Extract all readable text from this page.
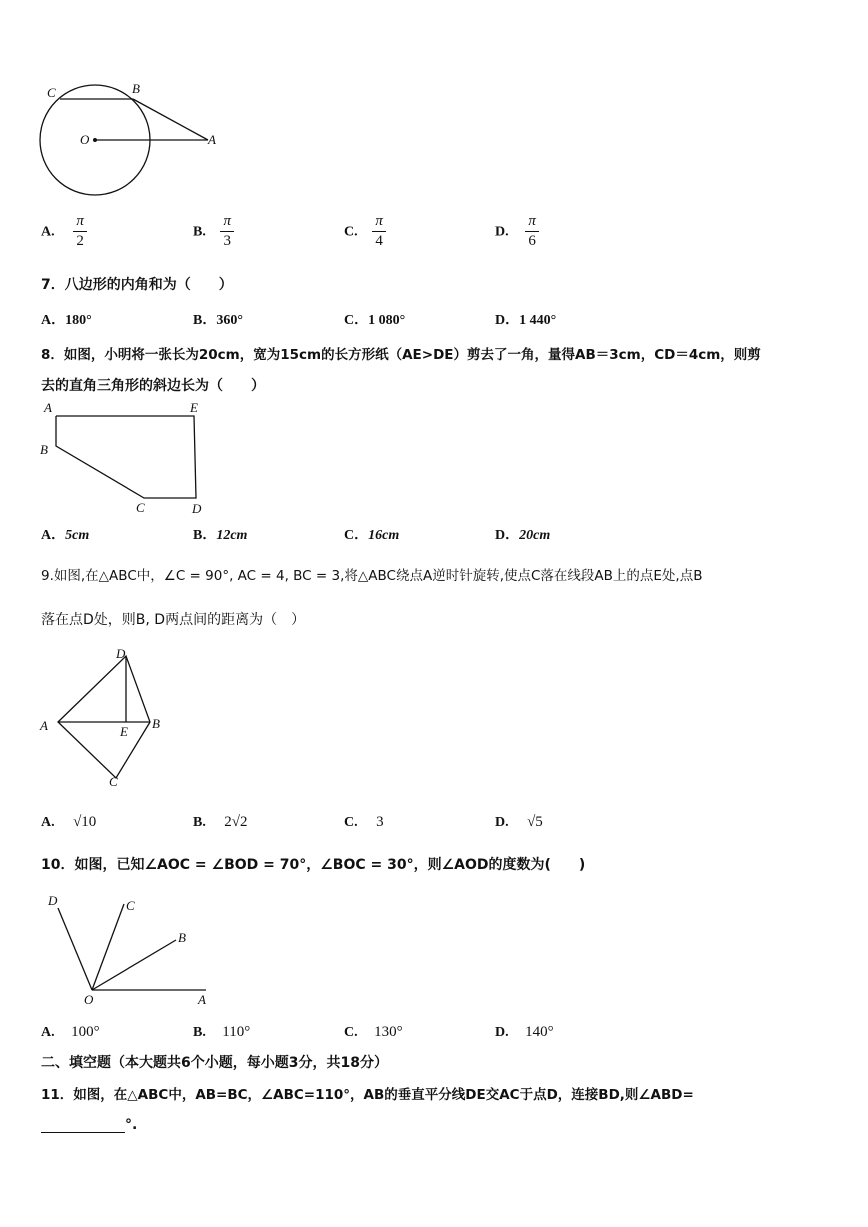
C	B
O	A
A. $\frac{\pi}{2}$	B. $\frac{\pi}{3}$	C. $\frac{\pi}{4}$	D. $\frac{\pi}{6}$
7．八边形的内角和为（　　）
A．180°	B．360°	C．1 080°	D．1 440°
8．如图，小明将一张长为20cm，宽为15cm的长方形纸（AE>DE）剪去了一角，量得AB＝3cm，CD＝4cm，则剪
去的直角三角形的斜边长为（　　）
A	E
B
C	D
A．5cm	B．12cm	C．16cm	D．20cm
9.如图,在△ABC中，∠C = 90°, AC = 4, BC = 3,将△ABC绕点A逆时针旋转,使点C落在线段AB上的点E处,点B
落在点D处，则B, D两点间的距离为（　）
D
A	E
B
C
A. √10	B. 2√2	C. 3	D. √5
10．如图，已知∠AOC = ∠BOD = 70°，∠BOC = 30°，则∠AOD的度数为(　　)
D	C
B
O	A
A. 100°	B. 110°	C. 130°	D. 140°
二、填空题（本大题共6个小题，每小题3分，共18分）
11．如图，在△ABC中，AB=BC，∠ABC=110°，AB的垂直平分线DE交AC于点D，连接BD,则∠ABD=
°.
